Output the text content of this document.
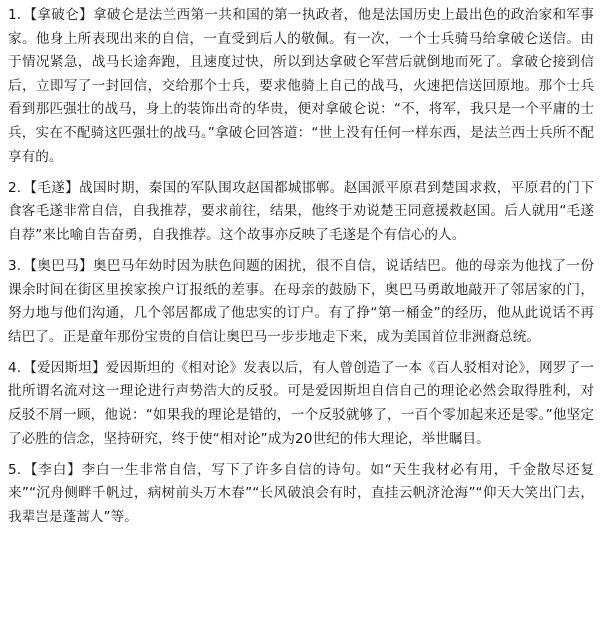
1. 【拿破仑】拿破仑是法兰西第一共和国的第一执政者，他是法国历史上最出色的政治家和军事家。他身上所表现出来的自信，一直受到后人的敬佩。有一次，一个士兵骑马给拿破仑送信。由于情况紧急，战马长途奔跑，且速度过快，所以到达拿破仑军营后就倒地而死了。拿破仑接到信后，立即写了一封回信，交给那个士兵，要求他骑上自己的战马，火速把信送回原地。那个士兵看到那匹强壮的战马，身上的装饰出奇的华贵，便对拿破仑说：“不，将军，我只是一个平庸的士兵，实在不配骑这匹强壮的战马。”拿破仑回答道：“世上没有任何一样东西，是法兰西士兵所不配享有的。

2. 【毛遂】战国时期，秦国的军队围攻赵国都城邯郸。赵国派平原君到楚国求救，平原君的门下食客毛遂非常自信，自我推荐，要求前往，结果，他终于劝说楚王同意援救赵国。后人就用“毛遂自荐”来比喻自告奋勇，自我推荐。这个故事亦反映了毛遂是个有信心的人。

3. 【奥巴马】奥巴马年幼时因为肤色问题的困扰，很不自信，说话结巴。他的母亲为他找了一份课余时间在街区里挨家挨户订报纸的差事。在母亲的鼓励下，奥巴马勇敢地敲开了邻居家的门，努力地与他们沟通，几个邻居都成了他忠实的订户。有了挣“第一桶金”的经历，他从此说话不再结巴了。正是童年那份宝贵的自信让奥巴马一步步地走下来，成为美国首位非洲裔总统。

4. 【爱因斯坦】爱因斯坦的《相对论》发表以后，有人曾创造了一本《百人驳相对论》，网罗了一批所谓名流对这一理论进行声势浩大的反驳。可是爱因斯坦自信自己的理论必然会取得胜利，对反驳不屑一顾，他说：“如果我的理论是错的，一个反驳就够了，一百个零加起来还是零。”他坚定了必胜的信念，坚持研究，终于使“相对论”成为20世纪的伟大理论，举世瞩目。

5. 【李白】李白一生非常自信，写下了许多自信的诗句。如“天生我材必有用，千金散尽还复来”“沉舟侧畔千帆过，病树前头万木春”“长风破浪会有时，直挂云帆济沧海”“仰天大笑出门去，我辈岂是蓬蒿人”等。
